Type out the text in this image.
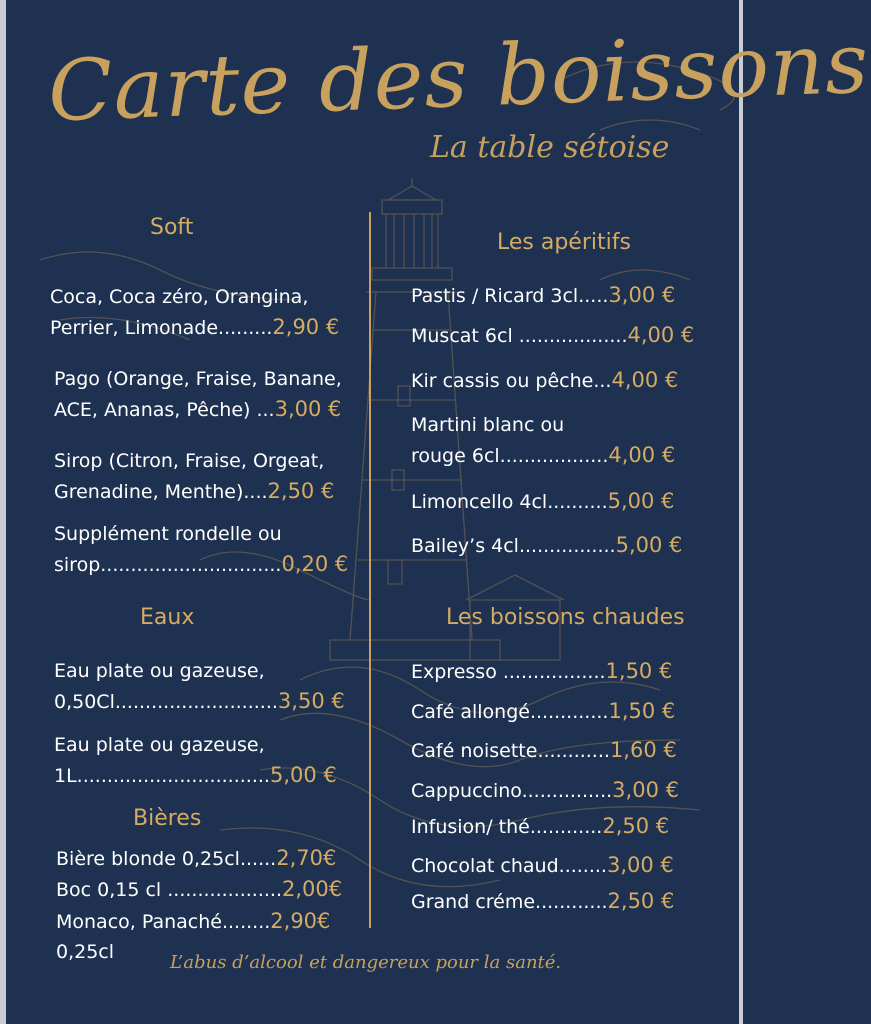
Carte des boissons
La table sétoise
Soft
Coca, Coca zéro, Orangina,
Perrier, Limonade.........2,90 €
Pago (Orange, Fraise, Banane,
ACE, Ananas, Pêche) ...3,00 €
Sirop (Citron, Fraise, Orgeat,
Grenadine, Menthe)....2,50 €
Supplément rondelle ou
sirop..............................0,20 €
Eaux
Eau plate ou gazeuse,
0,50Cl...........................3,50 €
Eau plate ou gazeuse,
1L................................5,00 €
Bières
Bière blonde 0,25cl......2,70€
Boc 0,15 cl ...................2,00€
Monaco, Panaché........2,90€
0,25cl
Les apéritifs
Pastis / Ricard 3cl.....3,00 €
Muscat 6cl ..................4,00 €
Kir cassis ou pêche...4,00 €
Martini blanc ou
rouge 6cl..................4,00 €
Limoncello 4cl..........5,00 €
Bailey’s 4cl................5,00 €
Les boissons chaudes
Expresso .................1,50 €
Café allongé.............1,50 €
Café noisette............1,60 €
Cappuccino...............3,00 €
Infusion/ thé............2,50 €
Chocolat chaud........3,00 €
Grand créme............2,50 €
L’abus d’alcool et dangereux pour la santé.
